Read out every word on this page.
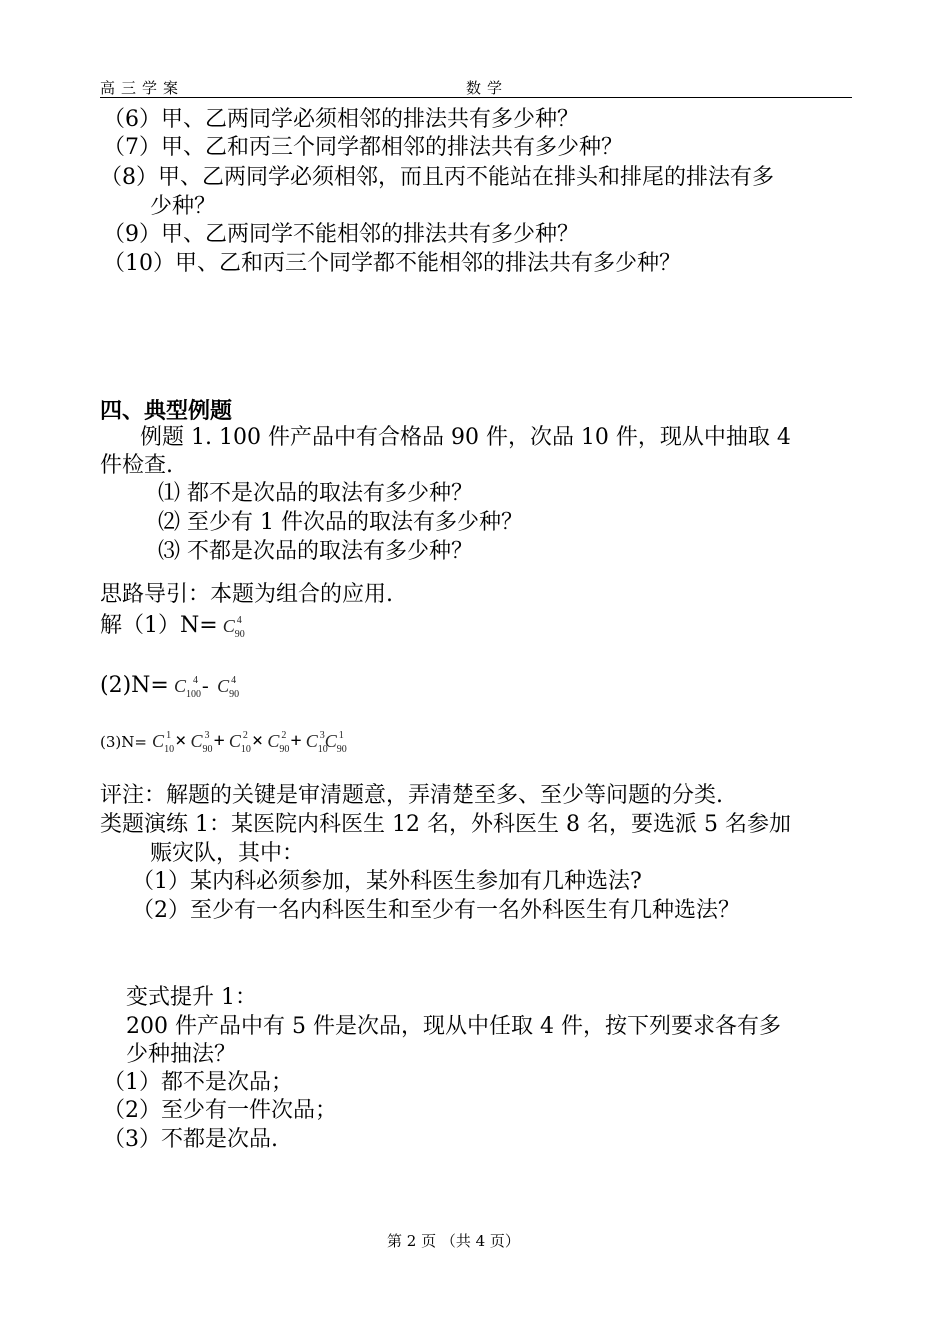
高三学案	数学
（6）甲、乙两同学必须相邻的排法共有多少种？
（7）甲、乙和丙三个同学都相邻的排法共有多少种？
（8）甲、乙两同学必须相邻，而且丙不能站在排头和排尾的排法有多
少种？
（9）甲、乙两同学不能相邻的排法共有多少种？
（10）甲、乙和丙三个同学都不能相邻的排法共有多少种？
四、典型例题
例题 1. 100 件产品中有合格品 90 件，次品 10 件，现从中抽取 4
件检查.
⑴ 都不是次品的取法有多少种？
⑵ 至少有 1 件次品的取法有多少种？
⑶ 不都是次品的取法有多少种？
思路导引：本题为组合的应用.
解$(1)N= C_{90}^4$
$(2)N= C_{100}^4 - C_{90}^4$
$(3)N= C_{10}^1 \times C_{90}^3 + C_{10}^2 \times C_{90}^2 + C_{10}^3C_{90}^1$
评注：解题的关键是审清题意，弄清楚至多、至少等问题的分类.
类题演练 1：某医院内科医生 12 名，外科医生 8 名，要选派 5 名参加
赈灾队，其中：
（1）某内科必须参加，某外科医生参加有几种选法?
（2）至少有一名内科医生和至少有一名外科医生有几种选法？
变式提升 1：
200 件产品中有 5 件是次品，现从中任取 4 件，按下列要求各有多
少种抽法？
（1）都不是次品；
（2）至少有一件次品；
（3）不都是次品.
第 2 页 （共 4 页）
